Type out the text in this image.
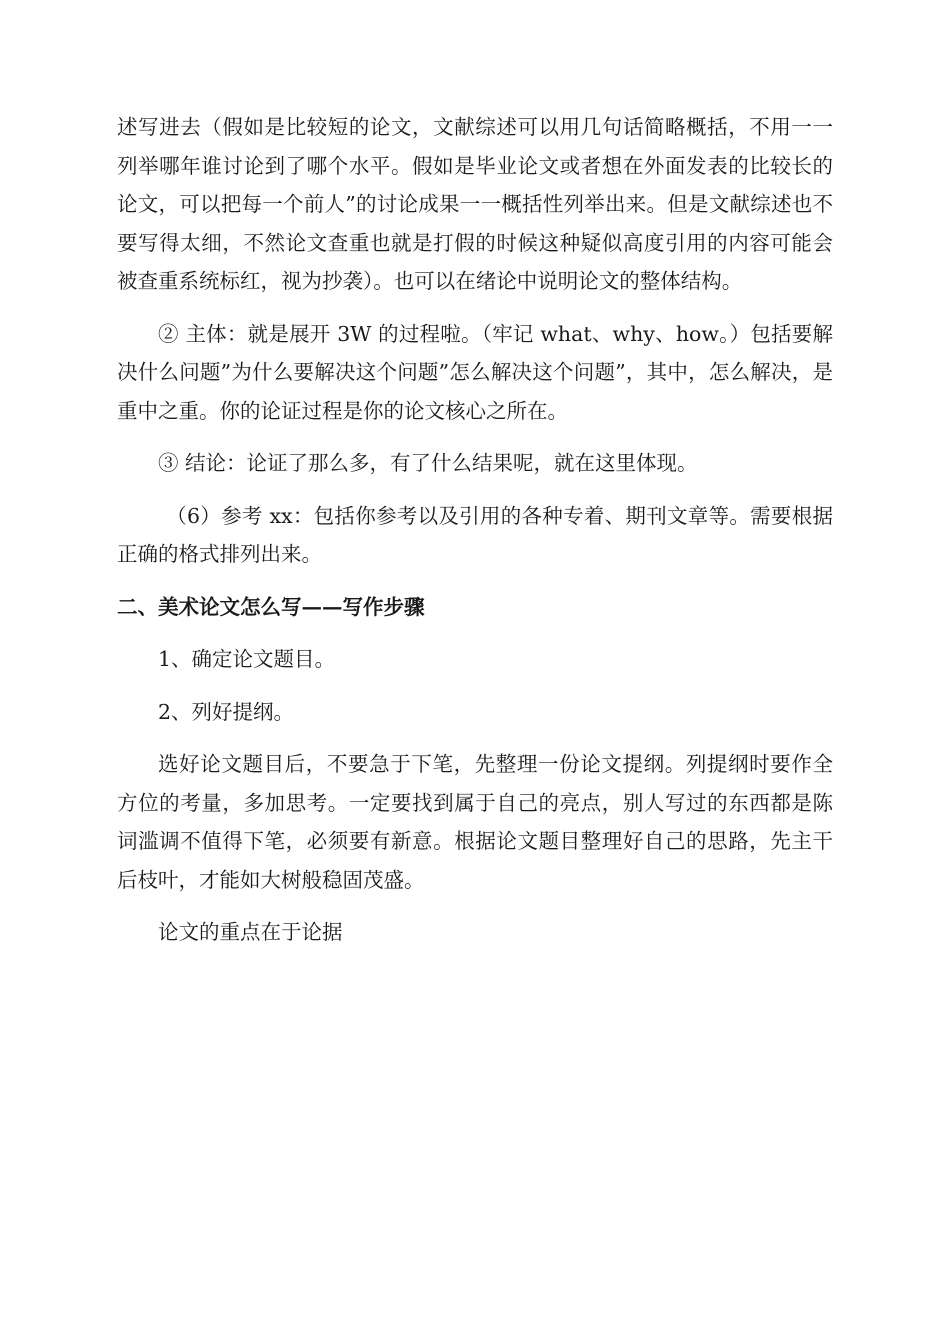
述写进去（假如是比较短的论文，文献综述可以用几句话简略概括，不用一一列举哪年谁讨论到了哪个水平。假如是毕业论文或者想在外面发表的比较长的论文，可以把每一个前人”的讨论成果一一概括性列举出来。但是文献综述也不要写得太细，不然论文查重也就是打假的时候这种疑似高度引用的内容可能会被查重系统标红，视为抄袭）。也可以在绪论中说明论文的整体结构。

② 主体：就是展开 3W 的过程啦。（牢记 what、why、how。）包括要解决什么问题”为什么要解决这个问题”怎么解决这个问题”，其中，怎么解决，是重中之重。你的论证过程是你的论文核心之所在。

③ 结论：论证了那么多，有了什么结果呢，就在这里体现。

（6）参考 xx：包括你参考以及引用的各种专着、期刊文章等。需要根据正确的格式排列出来。

二、美术论文怎么写——写作步骤

1、确定论文题目。

2、列好提纲。

选好论文题目后，不要急于下笔，先整理一份论文提纲。列提纲时要作全方位的考量，多加思考。一定要找到属于自己的亮点，别人写过的东西都是陈词滥调不值得下笔，必须要有新意。根据论文题目整理好自己的思路，先主干后枝叶，才能如大树般稳固茂盛。

论文的重点在于论据
